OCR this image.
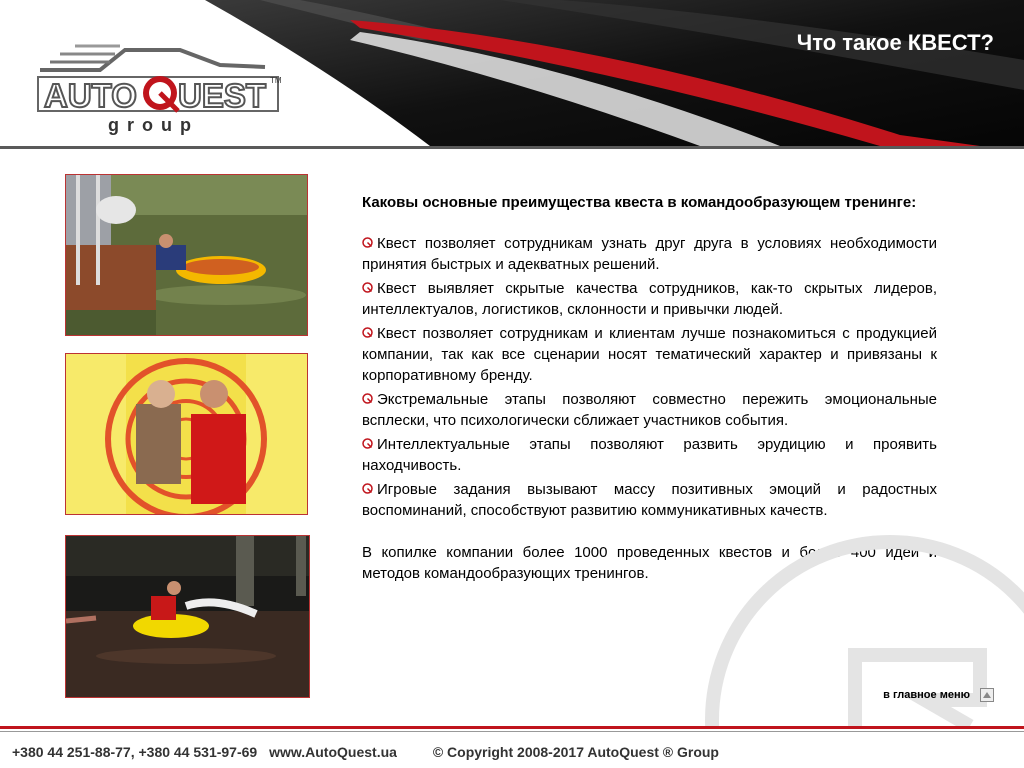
Что такое КВЕСТ?
AUTO UEST TM
group
Каковы основные преимущества квеста в командообразующем тренинге:
Квест позволяет сотрудникам узнать друг друга в условиях необходимости принятия быстрых и адекватных решений.
Квест выявляет скрытые качества сотрудников, как-то скрытых лидеров, интеллектуалов, логистиков, склонности и привычки людей.
Квест позволяет сотрудникам и клиентам лучше познакомиться с продукцией компании, так как все сценарии носят тематический характер и привязаны к корпоративному бренду.
Экстремальные этапы позволяют совместно пережить эмоциональные всплески, что психологически сближает участников события.
Интеллектуальные этапы позволяют развить эрудицию и проявить находчивость.
Игровые задания вызывают массу позитивных эмоций и радостных воспоминаний, способствуют развитию коммуникативных качеств.
В копилке компании более 1000 проведенных квестов и более 400 идей и методов командообразующих тренингов.
в главное меню
+380 44 251-88-77, +380 44 531-97-69 www.AutoQuest.ua	© Copyright 2008-2017 AutoQuest ® Group
